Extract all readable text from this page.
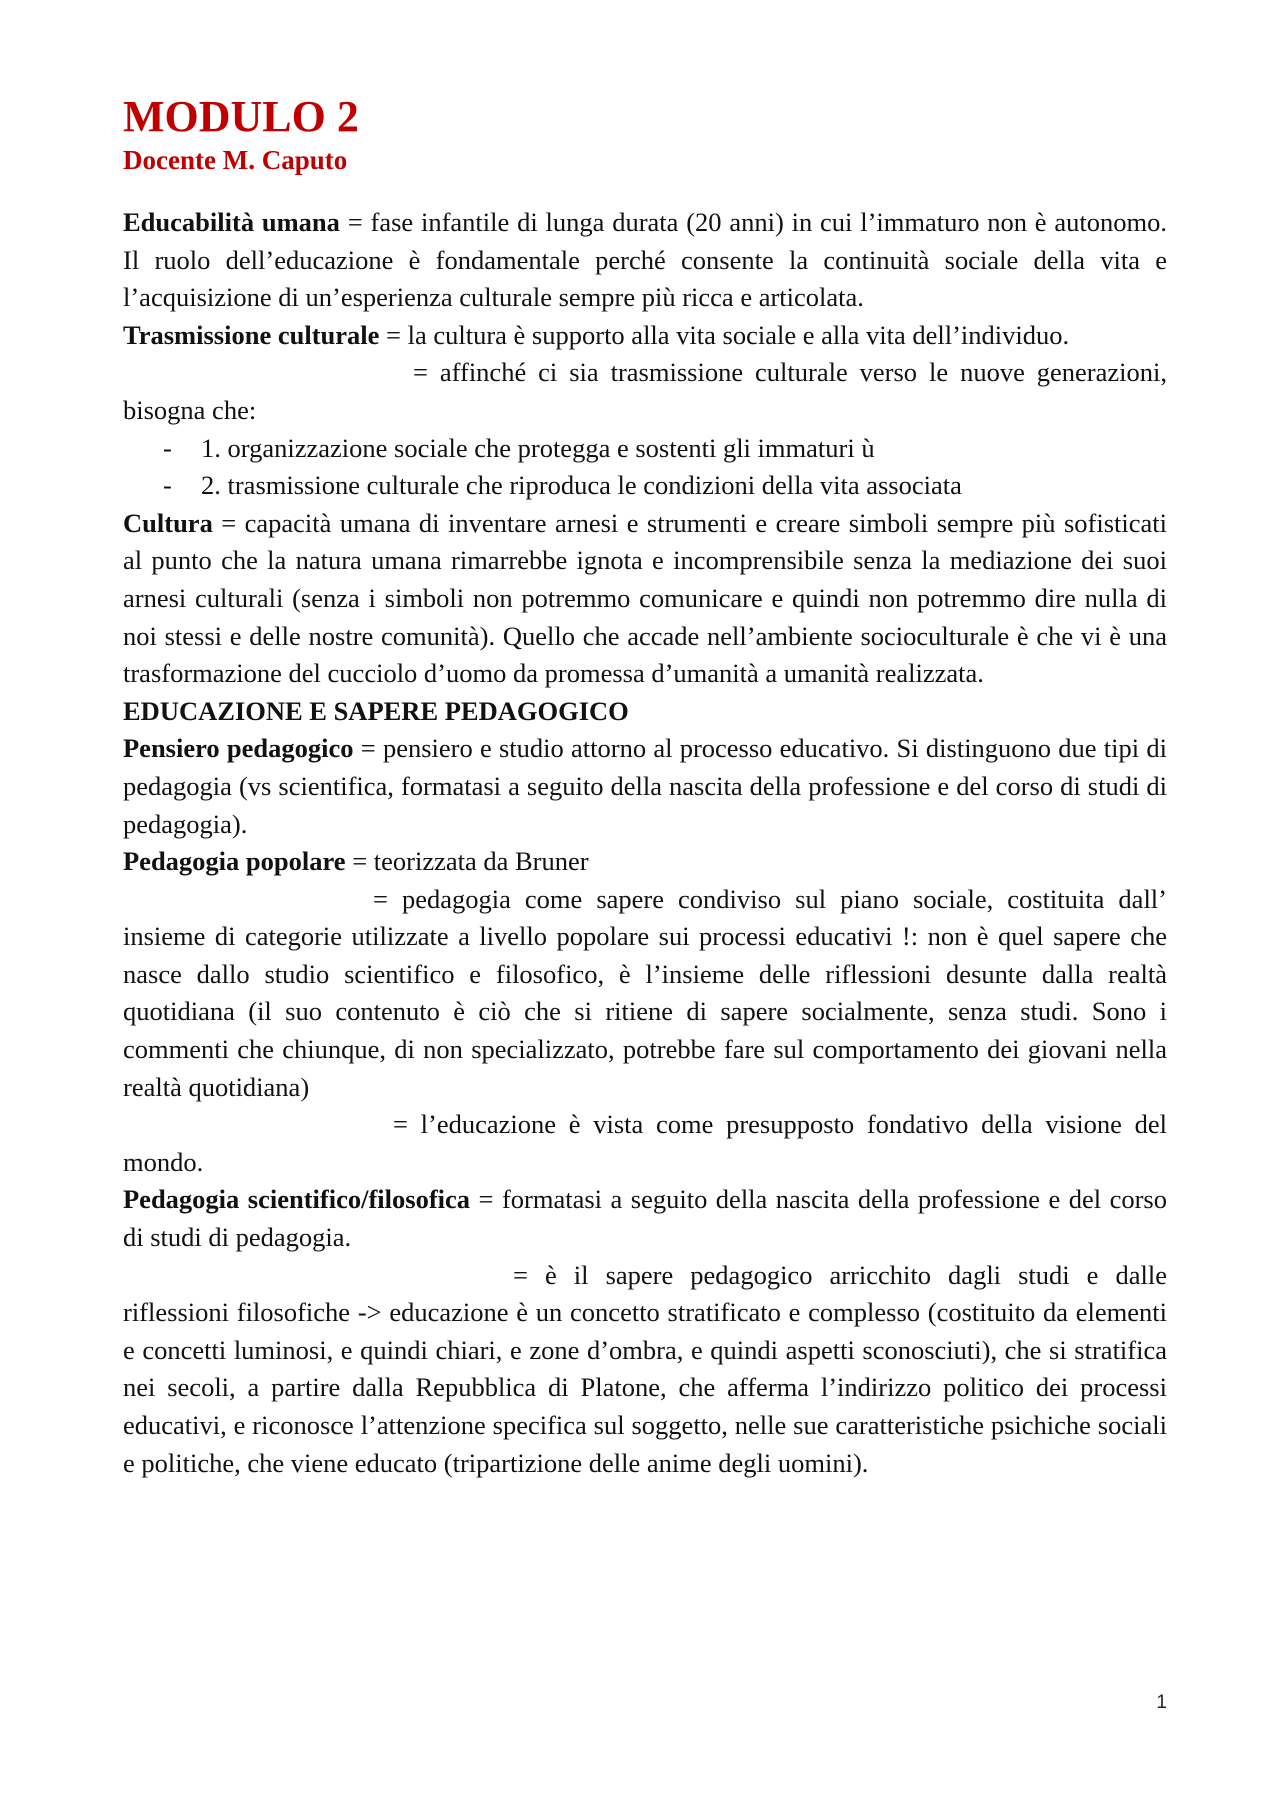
MODULO 2
Docente M. Caputo

Educabilità umana = fase infantile di lunga durata (20 anni) in cui l’immaturo non è autonomo. Il ruolo dell’educazione è fondamentale perché consente la continuità sociale della vita e l’acquisizione di un’esperienza culturale sempre più ricca e articolata.

Trasmissione culturale = la cultura è supporto alla vita sociale e alla vita dell’individuo.

= affinché ci sia trasmissione culturale verso le nuove generazioni, bisogna che:

- 1. organizzazione sociale che protegga e sostenti gli immaturi ù
- 2. trasmissione culturale che riproduca le condizioni della vita associata

Cultura = capacità umana di inventare arnesi e strumenti e creare simboli sempre più sofisticati al punto che la natura umana rimarrebbe ignota e incomprensibile senza la mediazione dei suoi arnesi culturali (senza i simboli non potremmo comunicare e quindi non potremmo dire nulla di noi stessi e delle nostre comunità). Quello che accade nell’ambiente socioculturale è che vi è una trasformazione del cucciolo d’uomo da promessa d’umanità a umanità realizzata.

EDUCAZIONE E SAPERE PEDAGOGICO

Pensiero pedagogico = pensiero e studio attorno al processo educativo. Si distinguono due tipi di pedagogia (vs scientifica, formatasi a seguito della nascita della professione e del corso di studi di pedagogia).

Pedagogia popolare = teorizzata da Bruner

= pedagogia come sapere condiviso sul piano sociale, costituita dall’ insieme di categorie utilizzate a livello popolare sui processi educativi !: non è quel sapere che nasce dallo studio scientifico e filosofico, è l’insieme delle riflessioni desunte dalla realtà quotidiana (il suo contenuto è ciò che si ritiene di sapere socialmente, senza studi. Sono i commenti che chiunque, di non specializzato, potrebbe fare sul comportamento dei giovani nella realtà quotidiana)

= l’educazione è vista come presupposto fondativo della visione del mondo.

Pedagogia scientifico/filosofica = formatasi a seguito della nascita della professione e del corso di studi di pedagogia.

= è il sapere pedagogico arricchito dagli studi e dalle riflessioni filosofiche -> educazione è un concetto stratificato e complesso (costituito da elementi e concetti luminosi, e quindi chiari, e zone d’ombra, e quindi aspetti sconosciuti), che si stratifica nei secoli, a partire dalla Repubblica di Platone, che afferma l’indirizzo politico dei processi educativi, e riconosce l’attenzione specifica sul soggetto, nelle sue caratteristiche psichiche sociali e politiche, che viene educato (tripartizione delle anime degli uomini).

1
